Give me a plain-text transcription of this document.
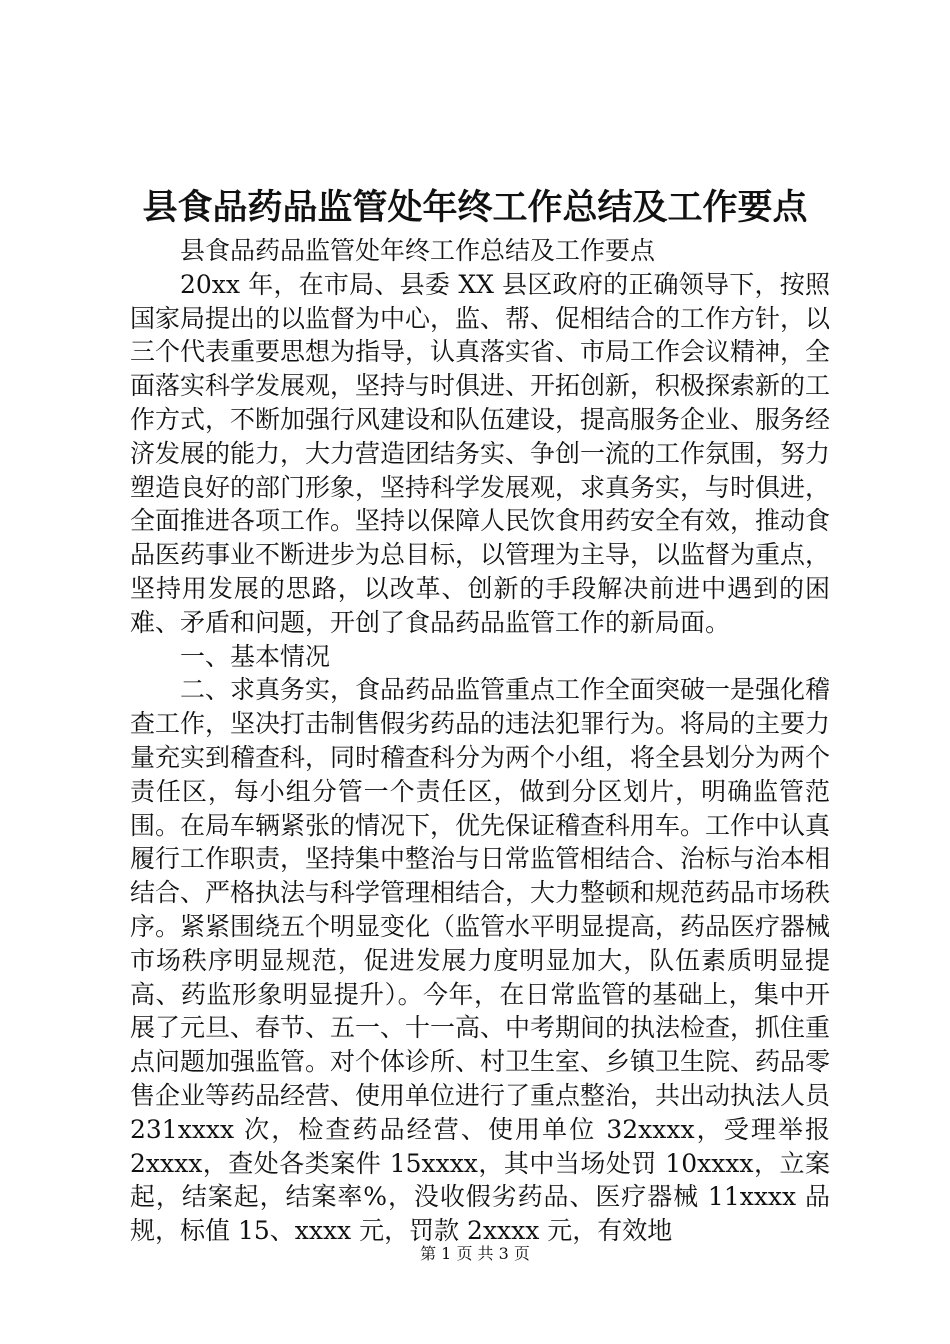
县食品药品监管处年终工作总结及工作要点

县食品药品监管处年终工作总结及工作要点

20xx 年，在市局、县委 XX 县区政府的正确领导下，按照国家局提出的以监督为中心，监、帮、促相结合的工作方针，以三个代表重要思想为指导，认真落实省、市局工作会议精神，全面落实科学发展观，坚持与时俱进、开拓创新，积极探索新的工作方式，不断加强行风建设和队伍建设，提高服务企业、服务经济发展的能力，大力营造团结务实、争创一流的工作氛围，努力塑造良好的部门形象，坚持科学发展观，求真务实，与时俱进，全面推进各项工作。坚持以保障人民饮食用药安全有效，推动食品医药事业不断进步为总目标，以管理为主导，以监督为重点，坚持用发展的思路，以改革、创新的手段解决前进中遇到的困难、矛盾和问题，开创了食品药品监管工作的新局面。

一、基本情况

二、求真务实，食品药品监管重点工作全面突破一是强化稽查工作，坚决打击制售假劣药品的违法犯罪行为。将局的主要力量充实到稽查科，同时稽查科分为两个小组，将全县划分为两个责任区，每小组分管一个责任区，做到分区划片，明确监管范围。在局车辆紧张的情况下，优先保证稽查科用车。工作中认真履行工作职责，坚持集中整治与日常监管相结合、治标与治本相结合、严格执法与科学管理相结合，大力整顿和规范药品市场秩序。紧紧围绕五个明显变化（监管水平明显提高，药品医疗器械市场秩序明显规范，促进发展力度明显加大，队伍素质明显提高、药监形象明显提升）。今年，在日常监管的基础上，集中开展了元旦、春节、五一、十一高、中考期间的执法检查，抓住重点问题加强监管。对个体诊所、村卫生室、乡镇卫生院、药品零售企业等药品经营、使用单位进行了重点整治，共出动执法人员 231xxxx 次，检查药品经营、使用单位 32xxxx，受理举报 2xxxx，查处各类案件 15xxxx，其中当场处罚 10xxxx，立案起，结案起，结案率%，没收假劣药品、医疗器械 11xxxx 品规，标值 15、xxxx 元，罚款 2xxxx 元，有效地

第 1 页 共 3 页
